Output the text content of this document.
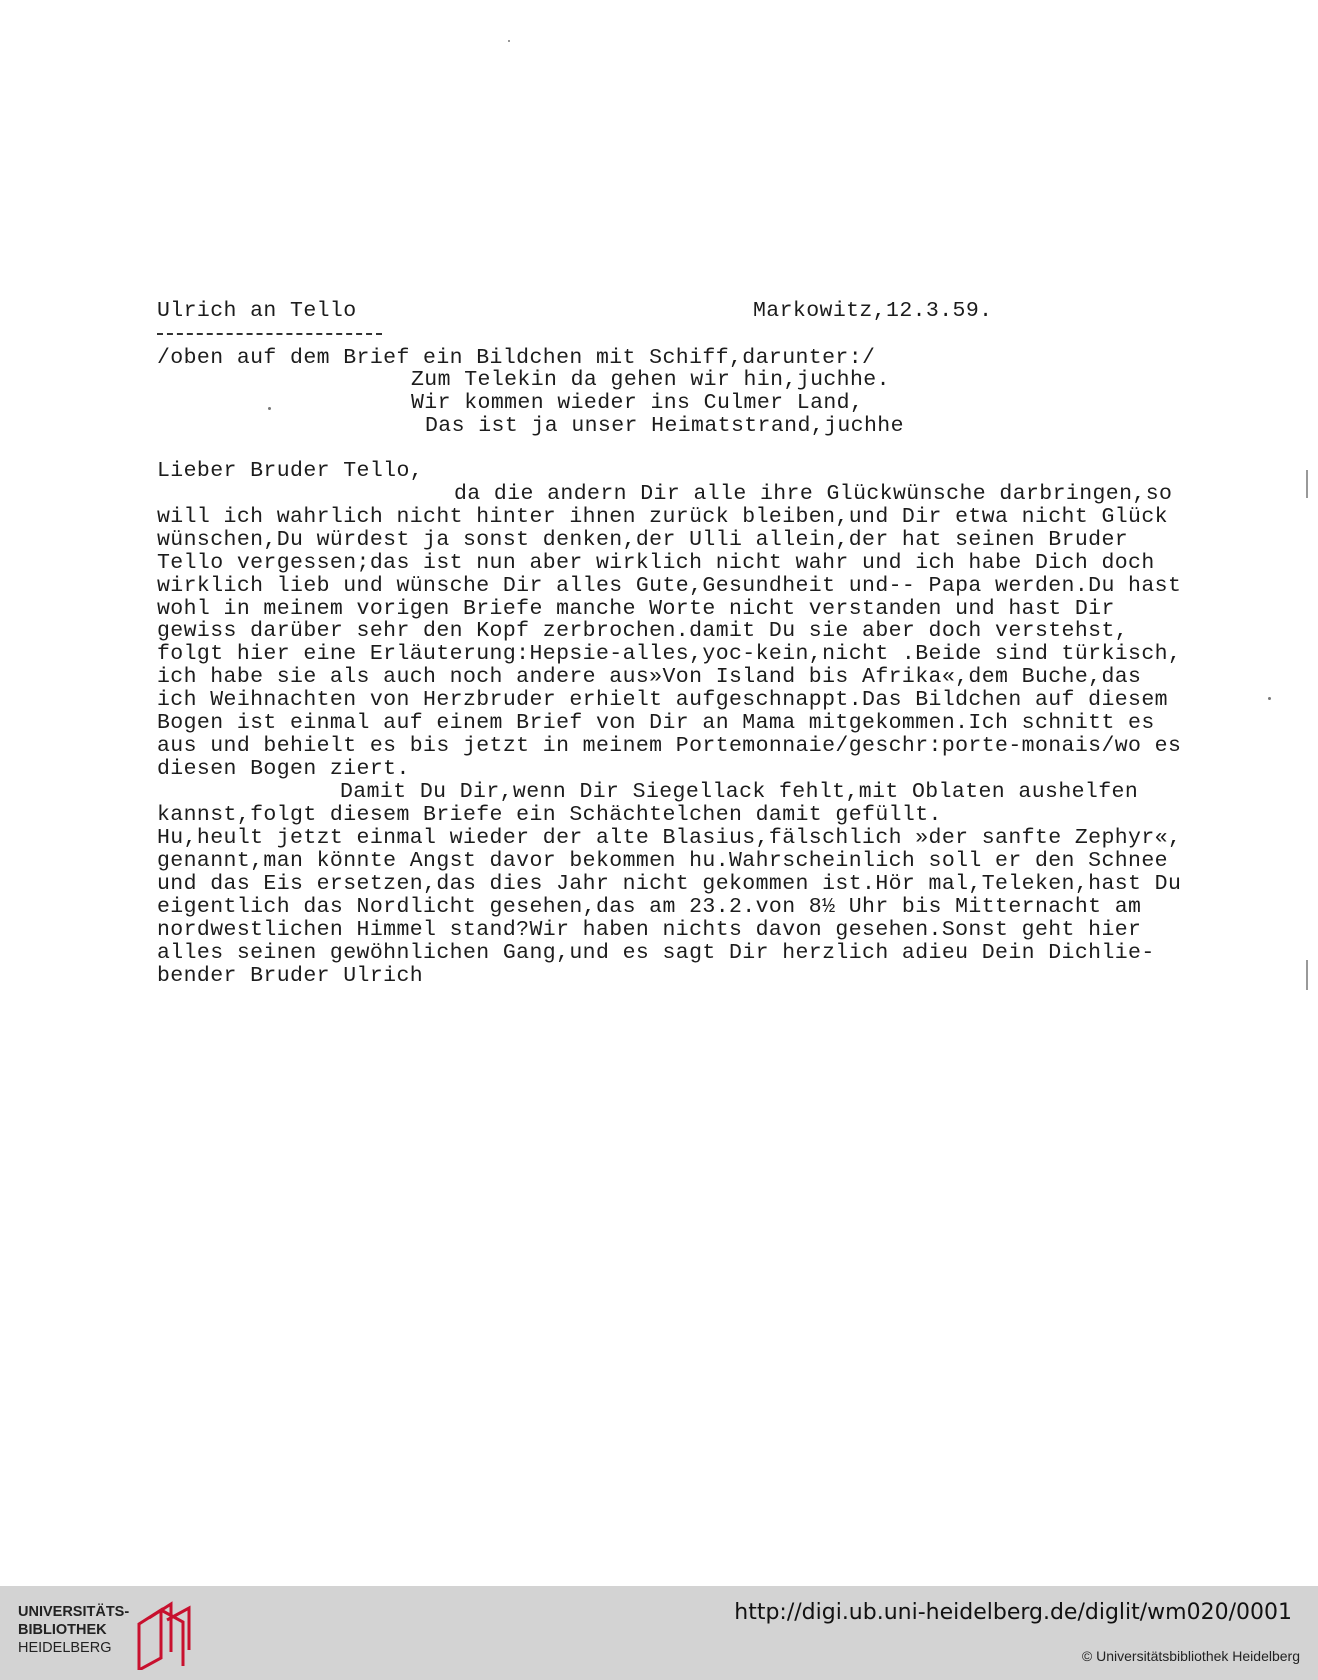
Ulrich an Tello	Markowitz,12.3.59.
/oben auf dem Brief ein Bildchen mit Schiff,darunter:/
Zum Telekin da gehen wir hin,juchhe.
Wir kommen wieder ins Culmer Land,
Das ist ja unser Heimatstrand,juchhe
Lieber Bruder Tello,
da die andern Dir alle ihre Glückwünsche darbringen,so
will ich wahrlich nicht hinter ihnen zurück bleiben,und Dir etwa nicht Glück
wünschen,Du würdest ja sonst denken,der Ulli allein,der hat seinen Bruder
Tello vergessen;das ist nun aber wirklich nicht wahr und ich habe Dich doch
wirklich lieb und wünsche Dir alles Gute,Gesundheit und-- Papa werden.Du hast
wohl in meinem vorigen Briefe manche Worte nicht verstanden und hast Dir
gewiss darüber sehr den Kopf zerbrochen.damit Du sie aber doch verstehst,
folgt hier eine Erläuterung:Hepsie-alles,yoc-kein,nicht .Beide sind türkisch,
ich habe sie als auch noch andere aus»Von Island bis Afrika«,dem Buche,das
ich Weihnachten von Herzbruder erhielt aufgeschnappt.Das Bildchen auf diesem
Bogen ist einmal auf einem Brief von Dir an Mama mitgekommen.Ich schnitt es
aus und behielt es bis jetzt in meinem Portemonnaie/geschr:porte-monais/wo es
diesen Bogen ziert.
Damit Du Dir,wenn Dir Siegellack fehlt,mit Oblaten aushelfen
kannst,folgt diesem Briefe ein Schächtelchen damit gefüllt.
Hu,heult jetzt einmal wieder der alte Blasius,fälschlich »der sanfte Zephyr«,
genannt,man könnte Angst davor bekommen hu.Wahrscheinlich soll er den Schnee
und das Eis ersetzen,das dies Jahr nicht gekommen ist.Hör mal,Teleken,hast Du
eigentlich das Nordlicht gesehen,das am 23.2.von 8½ Uhr bis Mitternacht am
nordwestlichen Himmel stand?Wir haben nichts davon gesehen.Sonst geht hier
alles seinen gewöhnlichen Gang,und es sagt Dir herzlich adieu Dein Dichlie-
bender Bruder Ulrich
UNIVERSITÄTS-
BIBLIOTHEK
HEIDELBERG
http://digi.ub.uni-heidelberg.de/diglit/wm020/0001
© Universitätsbibliothek Heidelberg
